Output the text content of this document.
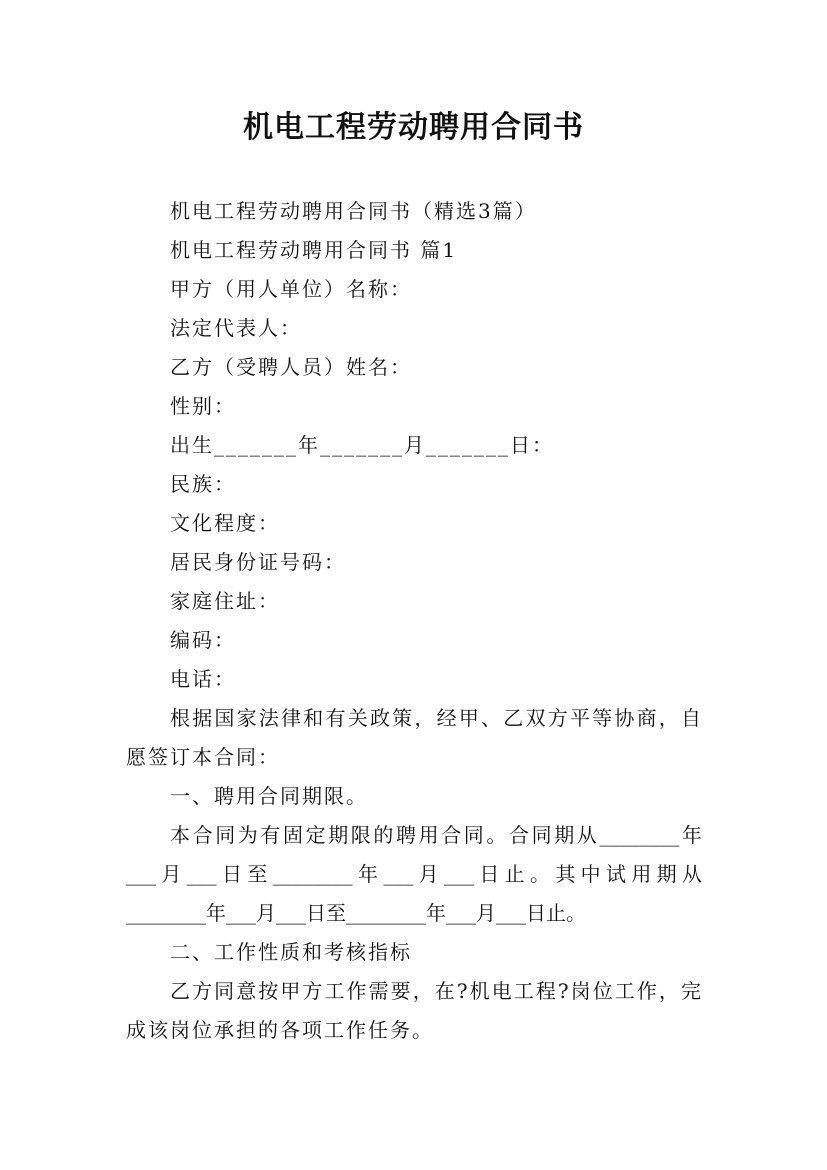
机电工程劳动聘用合同书
机电工程劳动聘用合同书（精选3篇）
机电工程劳动聘用合同书 篇1
甲方（用人单位）名称：
法定代表人：
乙方（受聘人员）姓名：
性别：
出生_______年_______月_______日：
民族：
文化程度：
居民身份证号码：
家庭住址：
编码：
电话：
根据国家法律和有关政策，经甲、乙双方平等协商，自
愿签订本合同：
一、聘用合同期限。
本合同为有固定期限的聘用合同。合同期从________年
___月___日至________年___月___日止。其中试用期从
________年___月___日至________年___月___日止。
二、工作性质和考核指标
乙方同意按甲方工作需要，在?机电工程?岗位工作，完
成该岗位承担的各项工作任务。
